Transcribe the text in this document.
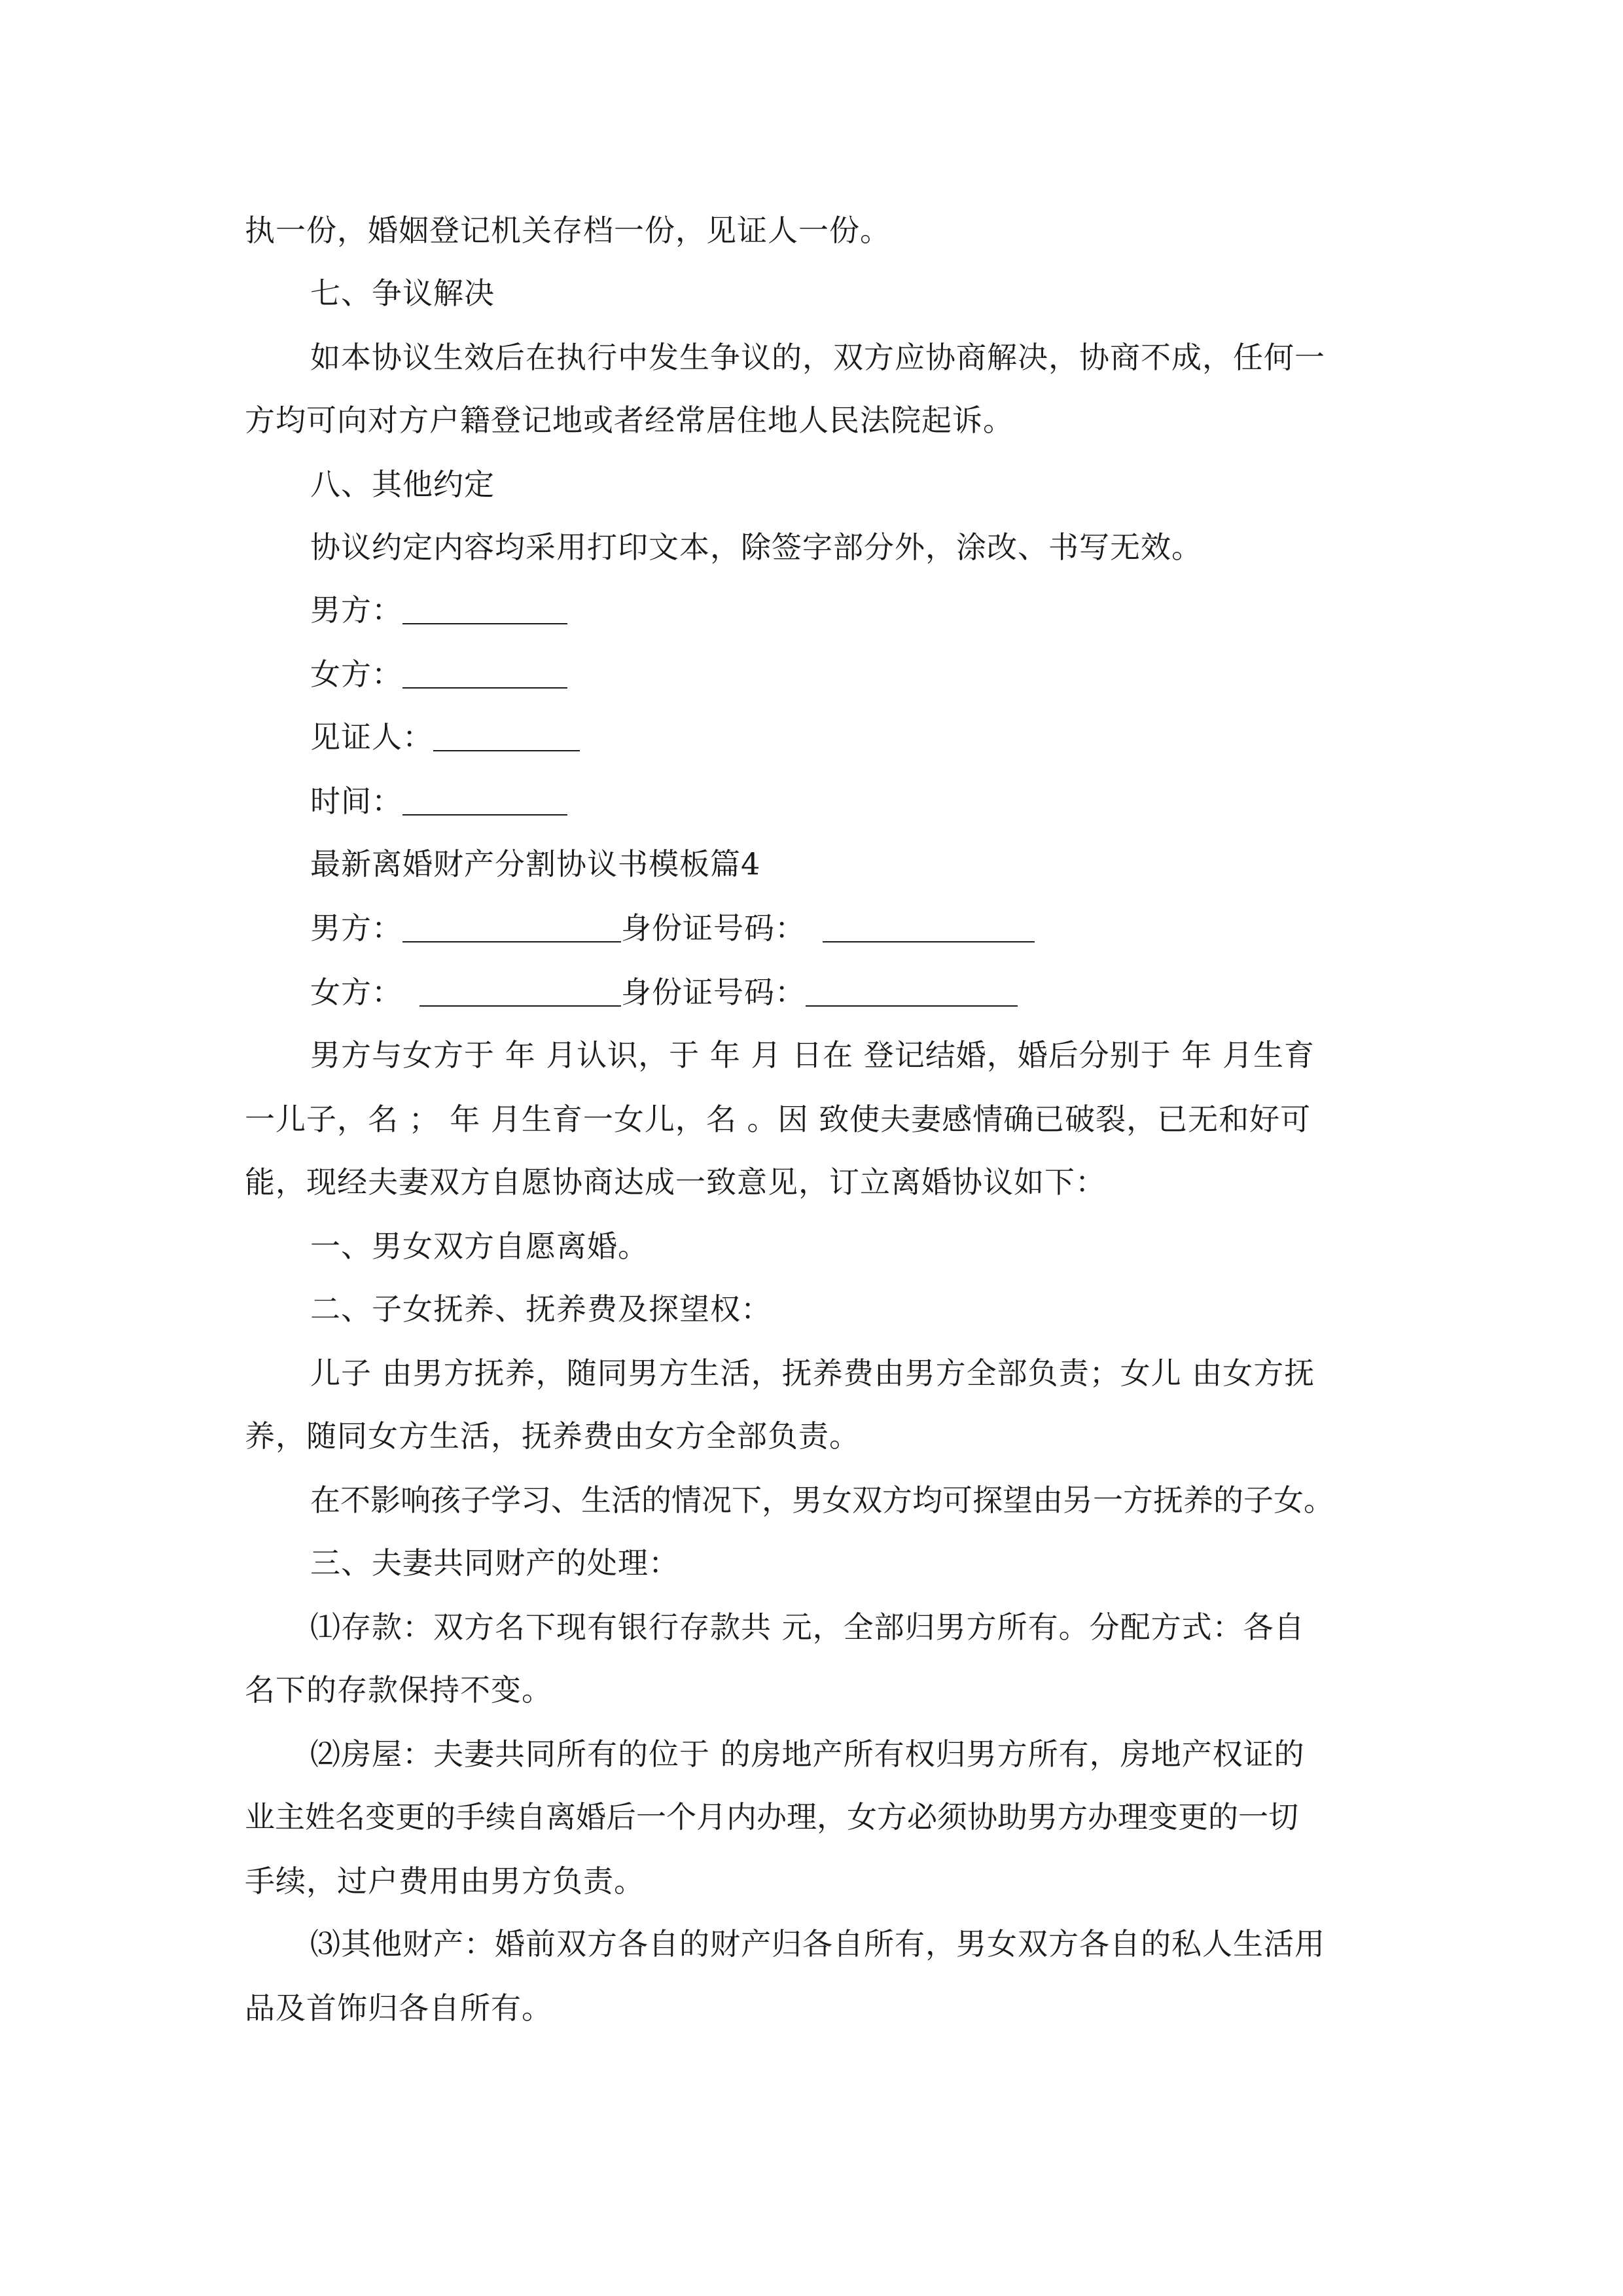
执一份，婚姻登记机关存档一份，见证人一份。
七、争议解决
如本协议生效后在执行中发生争议的，双方应协商解决，协商不成，任何一
方均可向对方户籍登记地或者经常居住地人民法院起诉。
八、其他约定
协议约定内容均采用打印文本，除签字部分外，涂改、书写无效。
男方：
女方：
见证人：
时间：
最新离婚财产分割协议书模板篇4
男方：	身份证号码：
女方：	身份证号码：
男方与女方于 年 月认识，于 年 月 日在 登记结婚，婚后分别于 年 月生育
一儿子，名 ； 年 月生育一女儿，名 。因 致使夫妻感情确已破裂，已无和好可
能，现经夫妻双方自愿协商达成一致意见，订立离婚协议如下：
一、男女双方自愿离婚。
二、子女抚养、抚养费及探望权：
儿子 由男方抚养，随同男方生活，抚养费由男方全部负责；女儿 由女方抚
养，随同女方生活，抚养费由女方全部负责。
在不影响孩子学习、生活的情况下，男女双方均可探望由另一方抚养的子女。
三、夫妻共同财产的处理：
⑴存款：双方名下现有银行存款共 元，全部归男方所有。分配方式：各自
名下的存款保持不变。
⑵房屋：夫妻共同所有的位于 的房地产所有权归男方所有，房地产权证的
业主姓名变更的手续自离婚后一个月内办理，女方必须协助男方办理变更的一切
手续，过户费用由男方负责。
⑶其他财产：婚前双方各自的财产归各自所有，男女双方各自的私人生活用
品及首饰归各自所有。
